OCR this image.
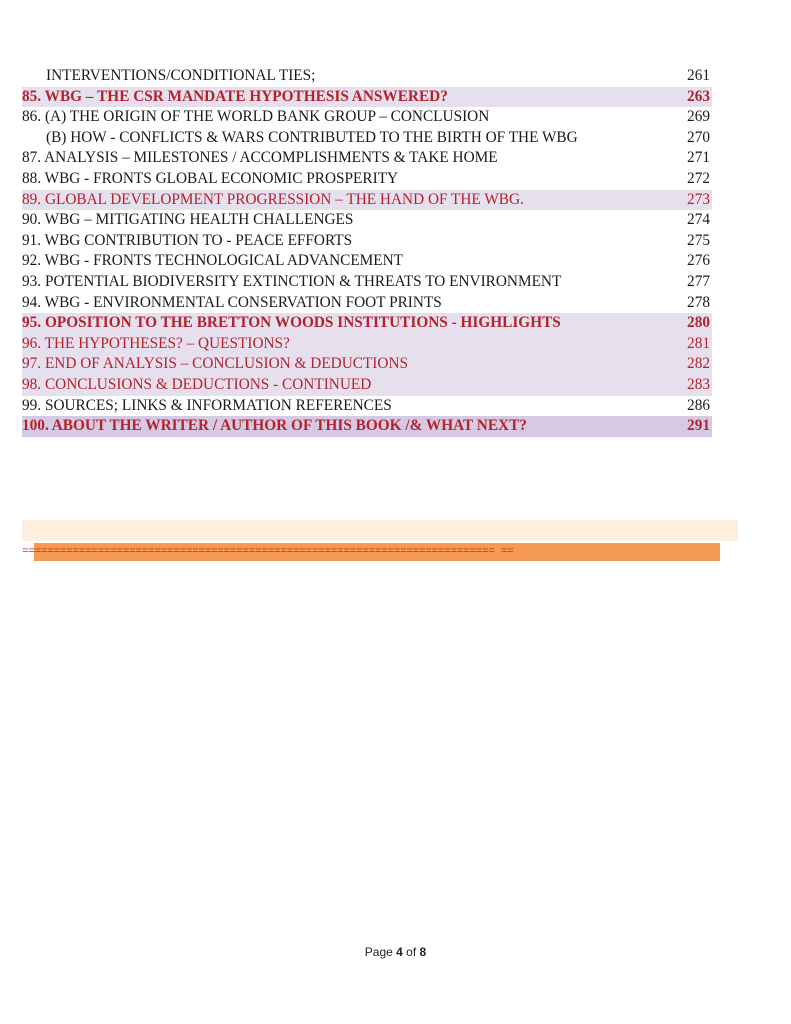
INTERVENTIONS/CONDITIONAL TIES;	261
85. WBG – THE CSR MANDATE HYPOTHESIS ANSWERED?	263
86. (A) THE ORIGIN OF THE WORLD BANK GROUP – CONCLUSION	269
(B) HOW - CONFLICTS & WARS CONTRIBUTED TO THE BIRTH OF THE WBG	270
87. ANALYSIS – MILESTONES / ACCOMPLISHMENTS & TAKE HOME	271
88. WBG - FRONTS GLOBAL ECONOMIC PROSPERITY	272
89. GLOBAL DEVELOPMENT PROGRESSION – THE HAND OF THE WBG.	273
90. WBG – MITIGATING HEALTH CHALLENGES	274
91. WBG CONTRIBUTION TO - PEACE EFFORTS	275
92. WBG - FRONTS TECHNOLOGICAL ADVANCEMENT	276
93. POTENTIAL BIODIVERSITY EXTINCTION & THREATS TO ENVIRONMENT	277
94. WBG - ENVIRONMENTAL CONSERVATION FOOT PRINTS	278
95. OPOSITION TO THE BRETTON WOODS INSTITUTIONS - HIGHLIGHTS	280
96. THE HYPOTHESES? – QUESTIONS?	281
97. END OF ANALYSIS – CONCLUSION & DEDUCTIONS	282
98. CONCLUSIONS & DEDUCTIONS - CONTINUED	283
99. SOURCES; LINKS & INFORMATION REFERENCES	286
100. ABOUT THE WRITER / AUTHOR OF THIS BOOK /& WHAT NEXT?	291
=========================================================================== ==
Page 4 of 8
